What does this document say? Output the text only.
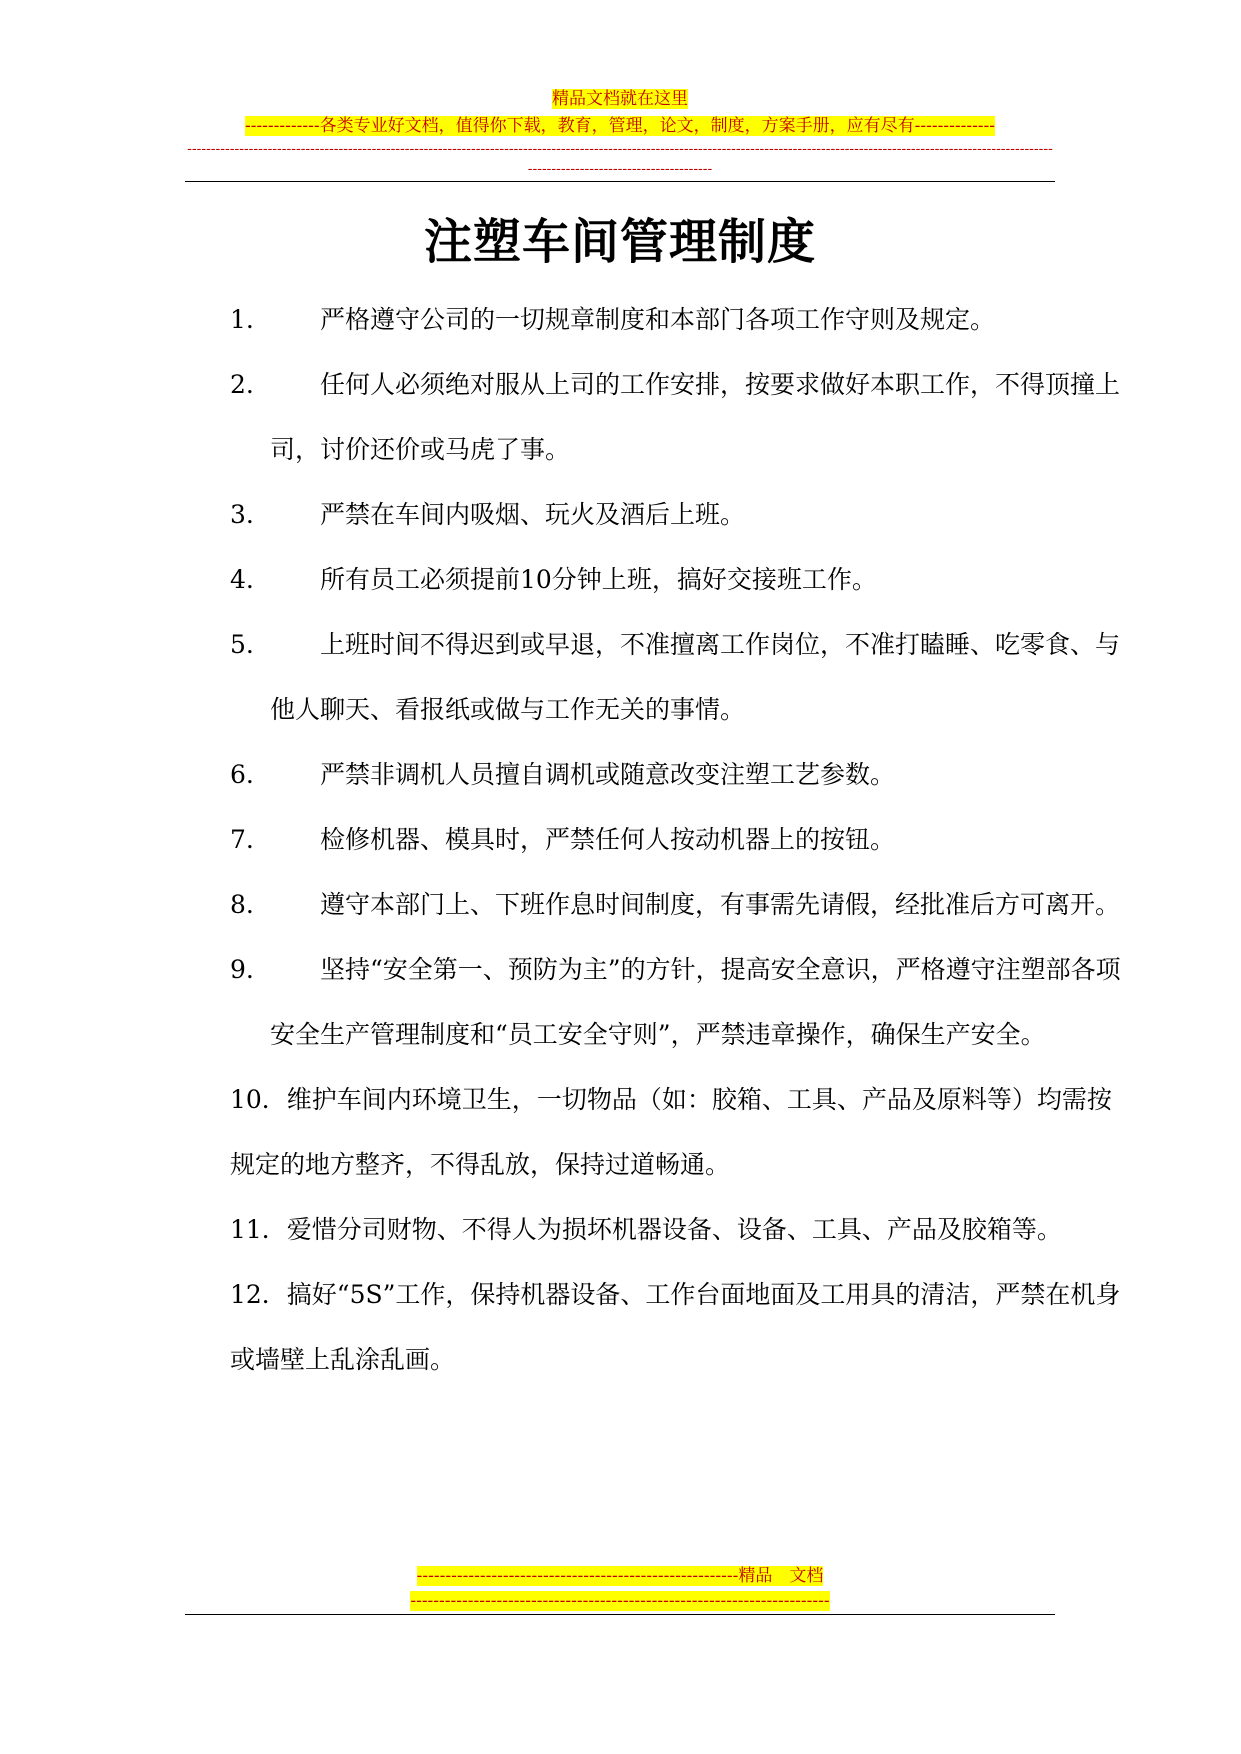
精品文档就在这里
-------------各类专业好文档，值得你下载，教育，管理，论文，制度，方案手册，应有尽有--------------
------------------------------------------------------------------------------------------------------------------------------------------------------------------------------------------------------------------------------
注塑车间管理制度
1.	严格遵守公司的一切规章制度和本部门各项工作守则及规定。
2.	任何人必须绝对服从上司的工作安排，按要求做好本职工作，不得顶撞上司，讨价还价或马虎了事。
3.	严禁在车间内吸烟、玩火及酒后上班。
4.	所有员工必须提前10分钟上班，搞好交接班工作。
5.	上班时间不得迟到或早退，不准擅离工作岗位，不准打瞌睡、吃零食、与他人聊天、看报纸或做与工作无关的事情。
6.	严禁非调机人员擅自调机或随意改变注塑工艺参数。
7.	检修机器、模具时，严禁任何人按动机器上的按钮。
8.	遵守本部门上、下班作息时间制度，有事需先请假，经批准后方可离开。
9.	坚持“安全第一、预防为主”的方针，提高安全意识，严格遵守注塑部各项安全生产管理制度和“员工安全守则”，严禁违章操作，确保生产安全。
10．维护车间内环境卫生，一切物品（如：胶箱、工具、产品及原料等）均需按规定的地方整齐，不得乱放，保持过道畅通。
11．爱惜分司财物、不得人为损坏机器设备、设备、工具、产品及胶箱等。
12．搞好“5S”工作，保持机器设备、工作台面地面及工用具的清洁，严禁在机身或墙壁上乱涂乱画。
--------------------------------------------------------精品　文档
-------------------------------------------------------------------------
